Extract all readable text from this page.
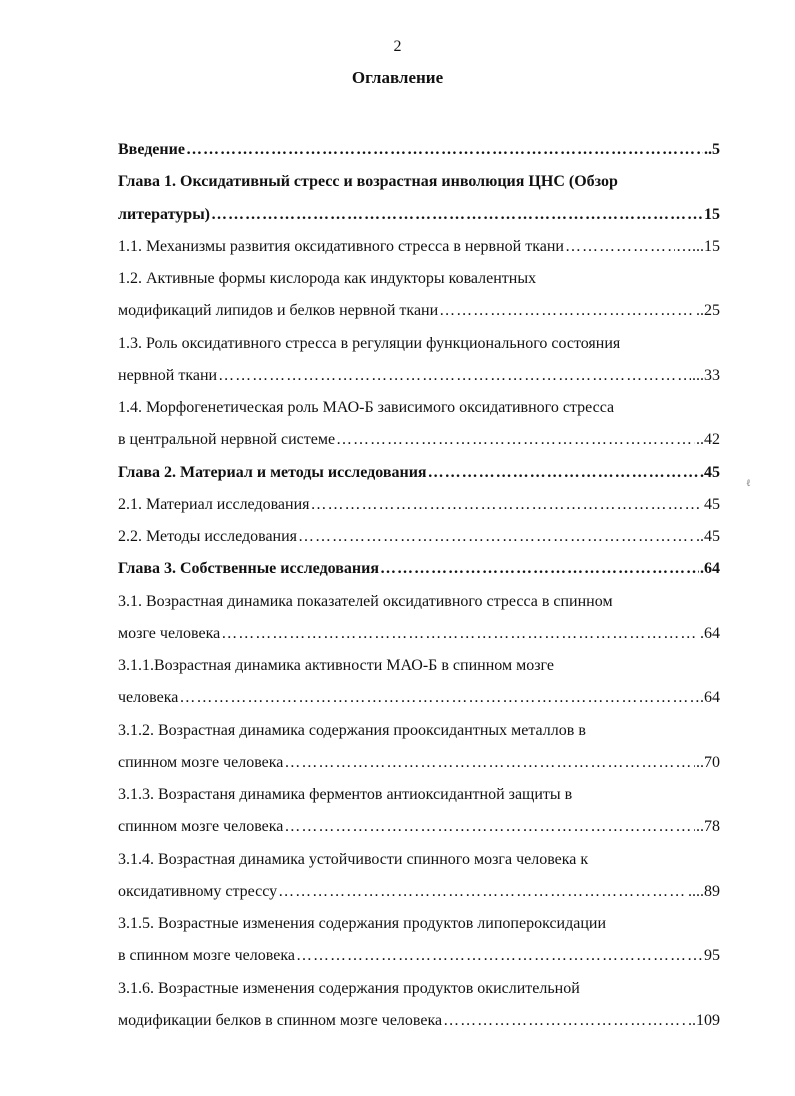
2
Оглавление
ℓ
Введение ……………………………………………………………………………………………………………………………………………	..5
Глава 1. Оксидативный стресс и возрастная инволюция ЦНС (Обзор
литературы) ……………………………………………………………………………………………………………………………………………	15
1.1. Механизмы развития оксидативного стресса в нервной ткани ……………………………………………………………………………………………………………………………………………	…...15
1.2. Активные формы кислорода как индукторы ковалентных
модификаций липидов и белков нервной ткани ……………………………………………………………………………………………………………………………………………	..25
1.3. Роль оксидативного стресса в регуляции функционального состояния
нервной ткани ……………………………………………………………………………………………………………………………………………	...33
1.4. Морфогенетическая роль МАО-Б зависимого оксидативного стресса
в центральной нервной системе ……………………………………………………………………………………………………………………………………………	..42
Глава 2. Материал и методы исследования ……………………………………………………………………………………………………………………………………………	.45
2.1. Материал исследования ……………………………………………………………………………………………………………………………………………	45
2.2. Методы исследования ……………………………………………………………………………………………………………………………………………	..45
Глава 3. Собственные исследования ……………………………………………………………………………………………………………………………………………	.64
3.1. Возрастная динамика показателей оксидативного стресса в спинном
мозге человека ……………………………………………………………………………………………………………………………………………	.64
3.1.1.Возрастная динамика активности МАО-Б в спинном мозге
человека ……………………………………………………………………………………………………………………………………………	.64
3.1.2. Возрастная динамика содержания прооксидантных металлов в
спинном мозге человека ……………………………………………………………………………………………………………………………………………	..70
3.1.3. Возрастаня динамика ферментов антиоксидантной защиты в
спинном мозге человека ……………………………………………………………………………………………………………………………………………	..78
3.1.4. Возрастная динамика устойчивости спинного мозга человека к
оксидативному стрессу ……………………………………………………………………………………………………………………………………………	....89
3.1.5. Возрастные изменения содержания продуктов липопероксидации
в спинном мозге человека ……………………………………………………………………………………………………………………………………………	95
3.1.6. Возрастные изменения содержания продуктов окислительной
модификации белков в спинном мозге человека ……………………………………………………………………………………………………………………………………………	..109
